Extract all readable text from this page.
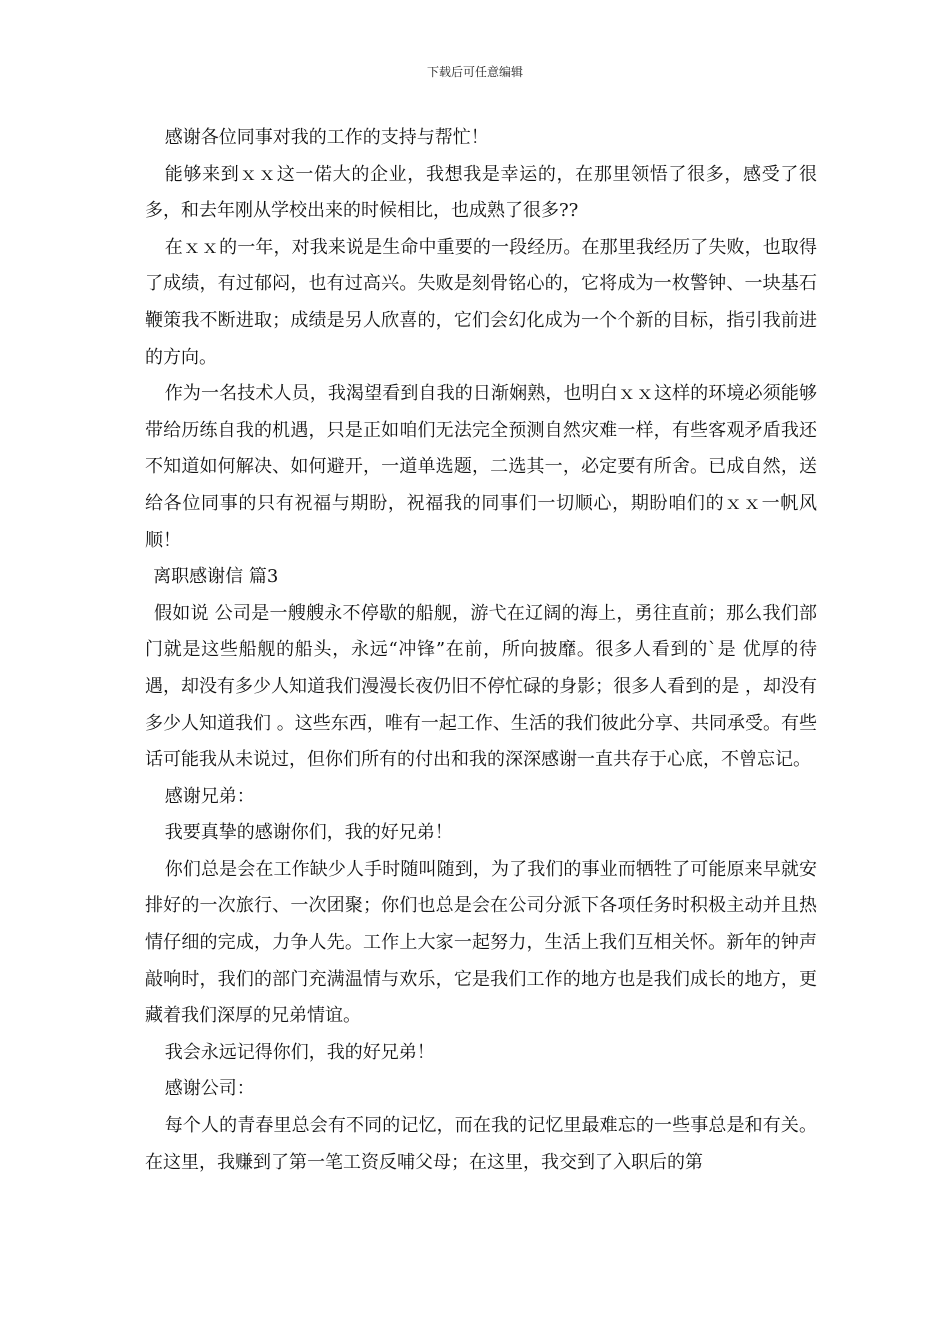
下载后可任意编辑

感谢各位同事对我的工作的支持与帮忙！

能够来到ｘｘ这一偌大的企业，我想我是幸运的，在那里领悟了很多，感受了很多，和去年刚从学校出来的时候相比，也成熟了很多??

在ｘｘ的一年，对我来说是生命中重要的一段经历。在那里我经历了失败，也取得了成绩，有过郁闷，也有过高兴。失败是刻骨铭心的，它将成为一枚警钟、一块基石鞭策我不断进取；成绩是另人欣喜的，它们会幻化成为一个个新的目标，指引我前进的方向。

作为一名技术人员，我渴望看到自我的日渐娴熟，也明白ｘｘ这样的环境必须能够带给历练自我的机遇，只是正如咱们无法完全预测自然灾难一样，有些客观矛盾我还不知道如何解决、如何避开，一道单选题，二选其一，必定要有所舍。已成自然，送给各位同事的只有祝福与期盼，祝福我的同事们一切顺心，期盼咱们的ｘｘ一帆风顺！

离职感谢信 篇3

假如说 公司是一艘艘永不停歇的船舰，游弋在辽阔的海上，勇往直前；那么我们部门就是这些船舰的船头，永远“冲锋”在前，所向披靡。很多人看到的`是 优厚的待遇，却没有多少人知道我们漫漫长夜仍旧不停忙碌的身影；很多人看到的是 ，却没有多少人知道我们 。这些东西，唯有一起工作、生活的我们彼此分享、共同承受。有些话可能我从未说过，但你们所有的付出和我的深深感谢一直共存于心底，不曾忘记。

感谢兄弟：

我要真挚的感谢你们，我的好兄弟！

你们总是会在工作缺少人手时随叫随到，为了我们的事业而牺牲了可能原来早就安排好的一次旅行、一次团聚；你们也总是会在公司分派下各项任务时积极主动并且热情仔细的完成，力争人先。工作上大家一起努力，生活上我们互相关怀。新年的钟声敲响时，我们的部门充满温情与欢乐，它是我们工作的地方也是我们成长的地方，更藏着我们深厚的兄弟情谊。

我会永远记得你们，我的好兄弟！

感谢公司：

每个人的青春里总会有不同的记忆，而在我的记忆里最难忘的一些事总是和有关。在这里，我赚到了第一笔工资反哺父母；在这里，我交到了入职后的第
